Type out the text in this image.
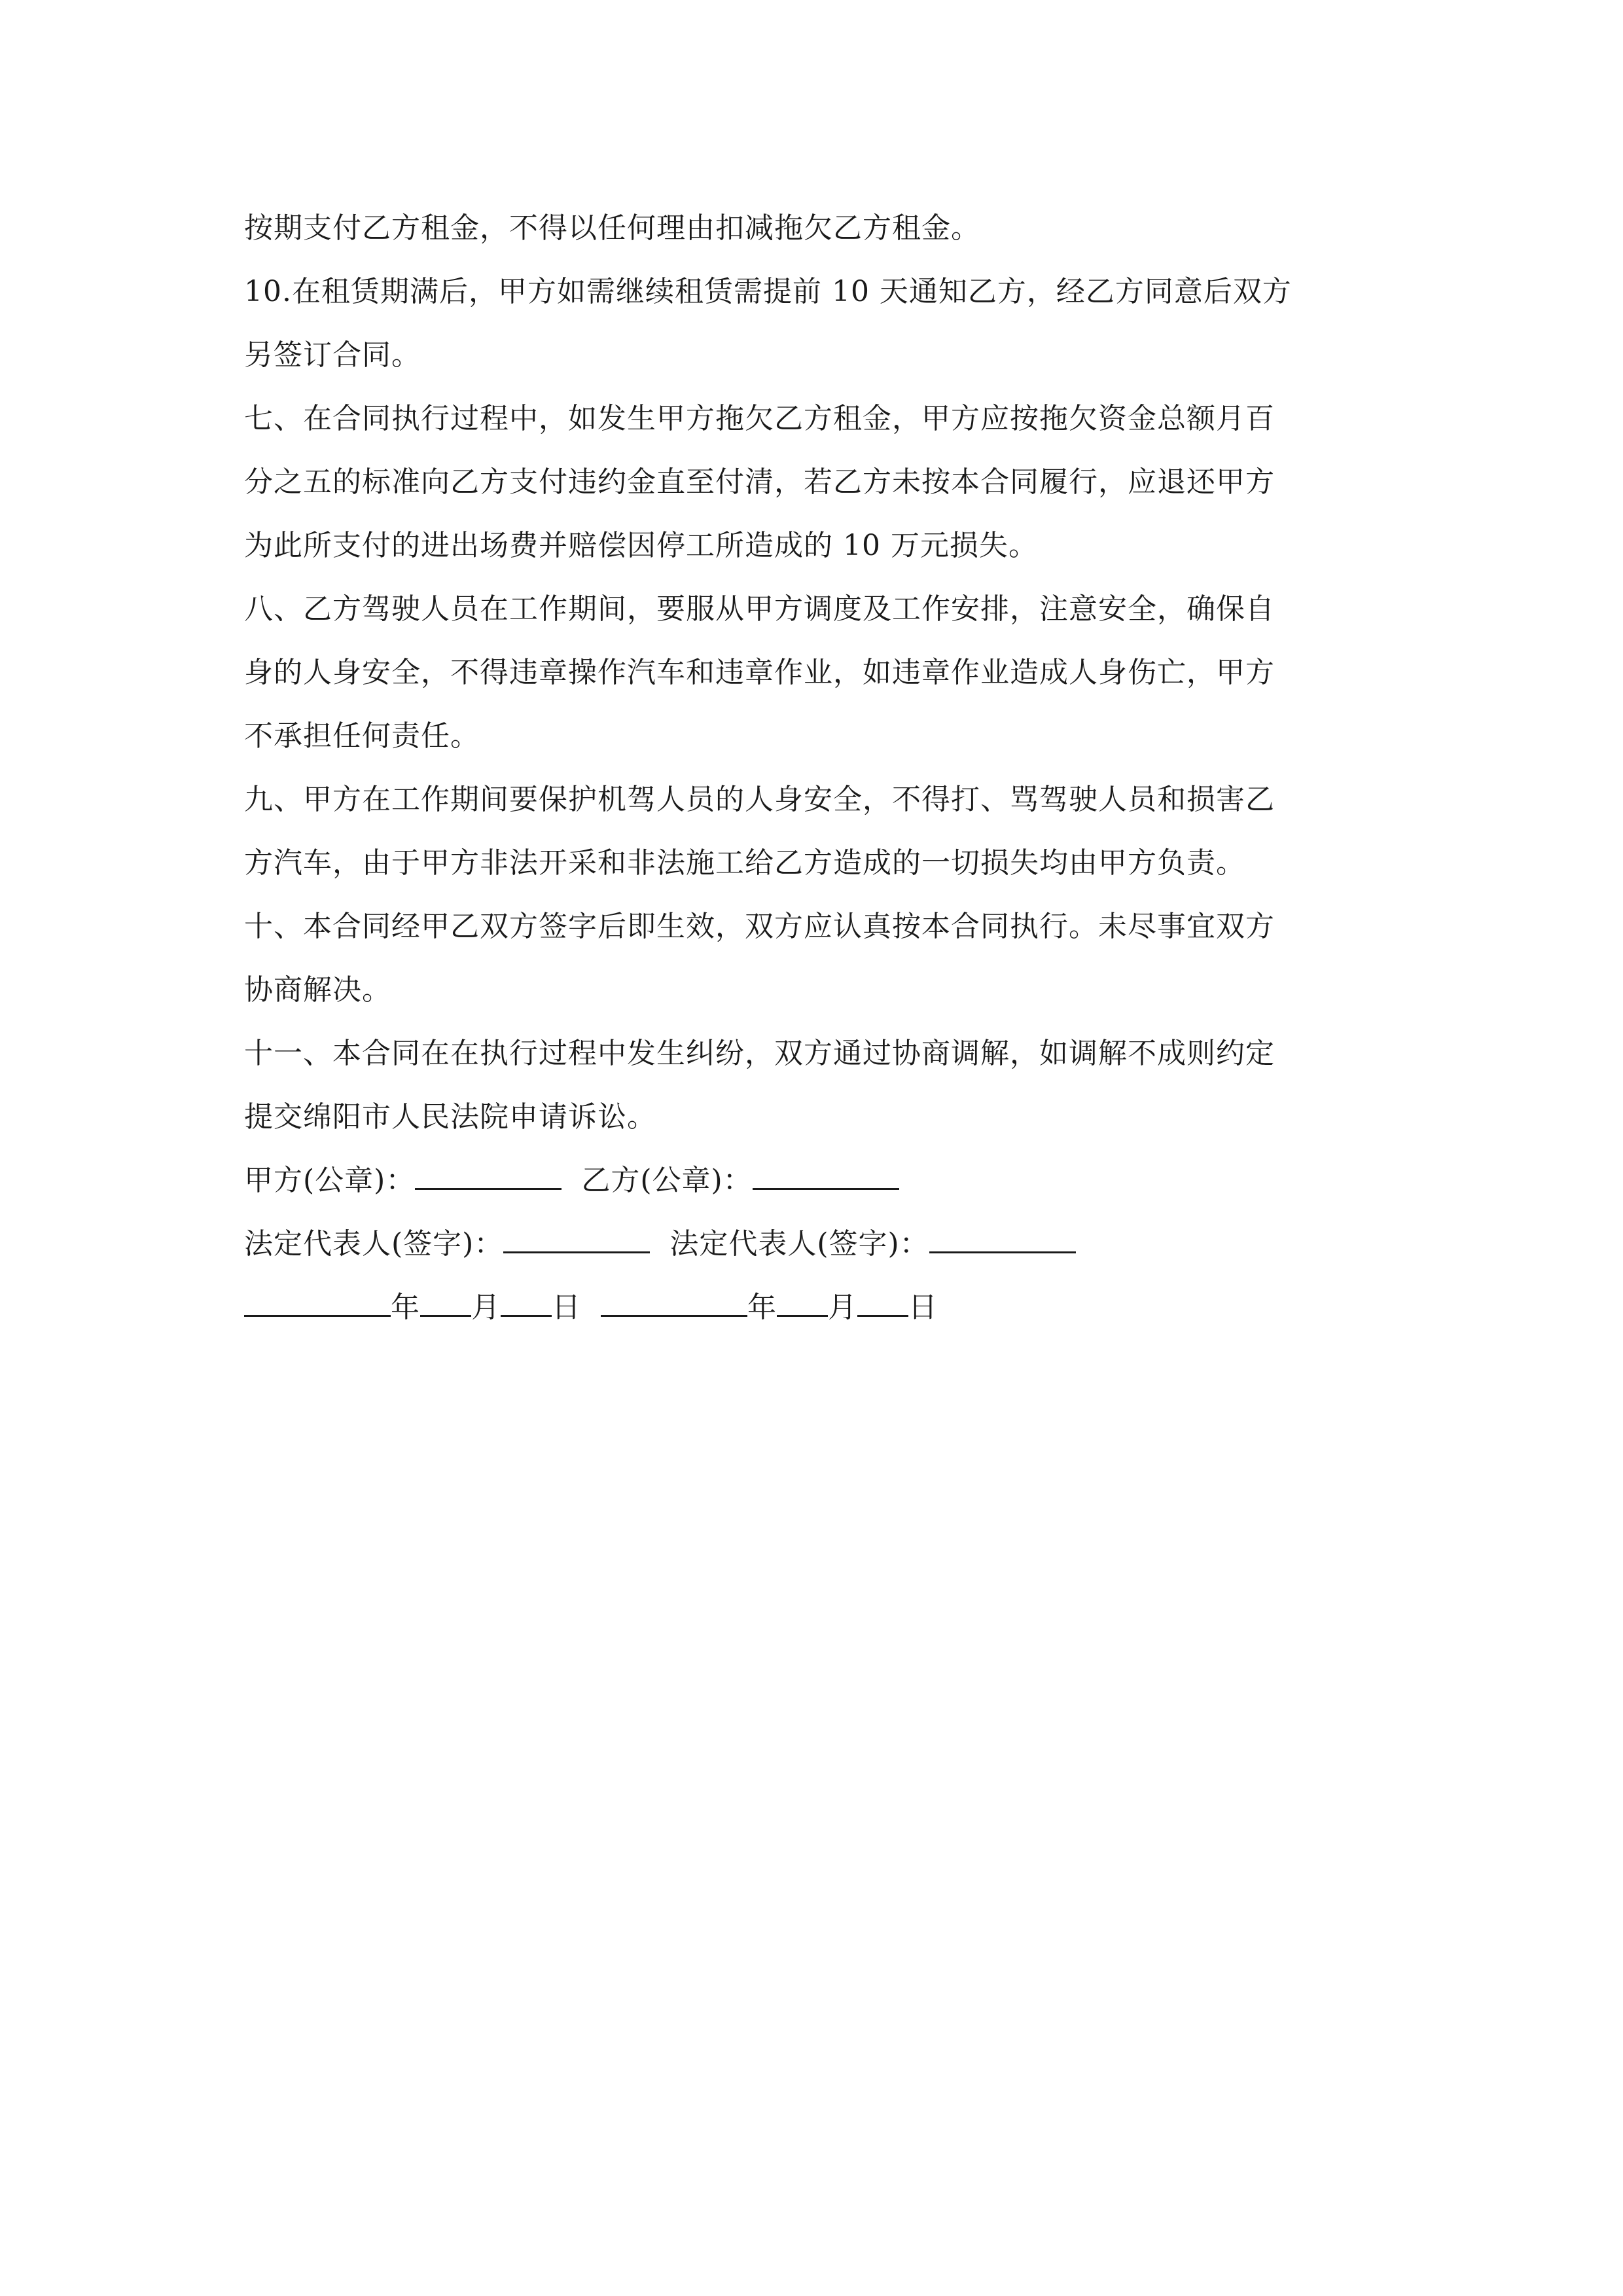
按期支付乙方租金，不得以任何理由扣减拖欠乙方租金。
10.在租赁期满后，甲方如需继续租赁需提前 10 天通知乙方，经乙方同意后双方
另签订合同。
七、在合同执行过程中，如发生甲方拖欠乙方租金，甲方应按拖欠资金总额月百
分之五的标准向乙方支付违约金直至付清，若乙方未按本合同履行，应退还甲方
为此所支付的进出场费并赔偿因停工所造成的 10 万元损失。
八、乙方驾驶人员在工作期间，要服从甲方调度及工作安排，注意安全，确保自
身的人身安全，不得违章操作汽车和违章作业，如违章作业造成人身伤亡，甲方
不承担任何责任。
九、甲方在工作期间要保护机驾人员的人身安全，不得打、骂驾驶人员和损害乙
方汽车，由于甲方非法开采和非法施工给乙方造成的一切损失均由甲方负责。
十、本合同经甲乙双方签字后即生效，双方应认真按本合同执行。未尽事宜双方
协商解决。
十一、本合同在在执行过程中发生纠纷，双方通过协商调解，如调解不成则约定
提交绵阳市人民法院申请诉讼。
甲方(公章)：	乙方(公章)：
法定代表人(签字)：	法定代表人(签字)：
年 月 日	年 月 日
